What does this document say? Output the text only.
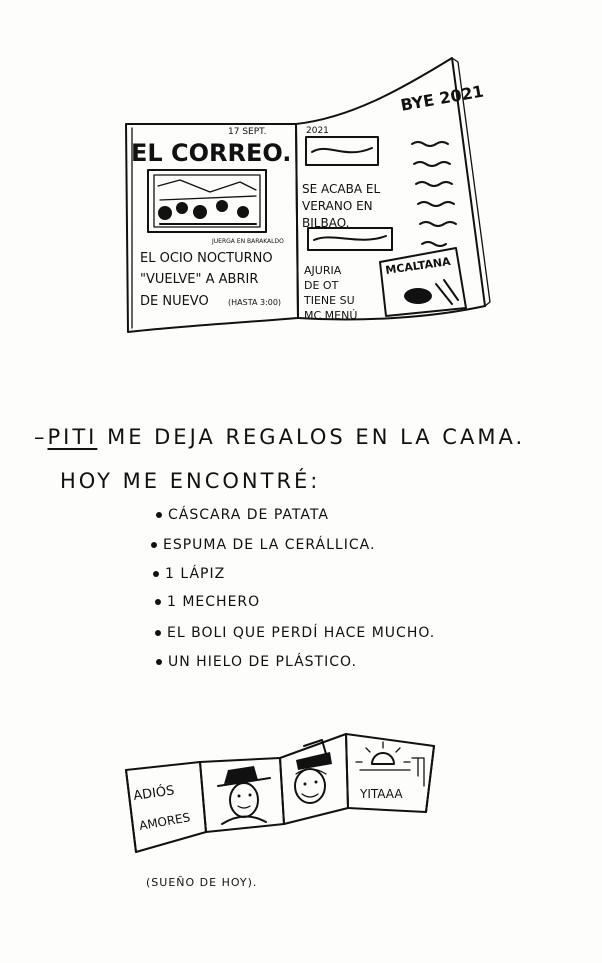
EL CORREO.
17 SEPT.	2021
JUERGA EN BARAKALDO
EL OCIO NOCTURNO
"VUELVE" A ABRIR
DE NUEVO (HASTA 3:00)
SE ACABA EL
VERANO EN
BILBAO.
BYE 2021
AJURIA
DE OT
TIENE SU
MC MENÚ
MCALTANA
–PITI ME DEJA REGALOS EN LA CAMA.
HOY ME ENCONTRÉ:
CÁSCARA DE PATATA
ESPUMA DE LA CERÁLLICA.
1 LÁPIZ
1 MECHERO
EL BOLI QUE PERDÍ HACE MUCHO.
UN HIELO DE PLÁSTICO.
ADIÓS
AMORES
YITAAA
(SUEÑO DE HOY).
